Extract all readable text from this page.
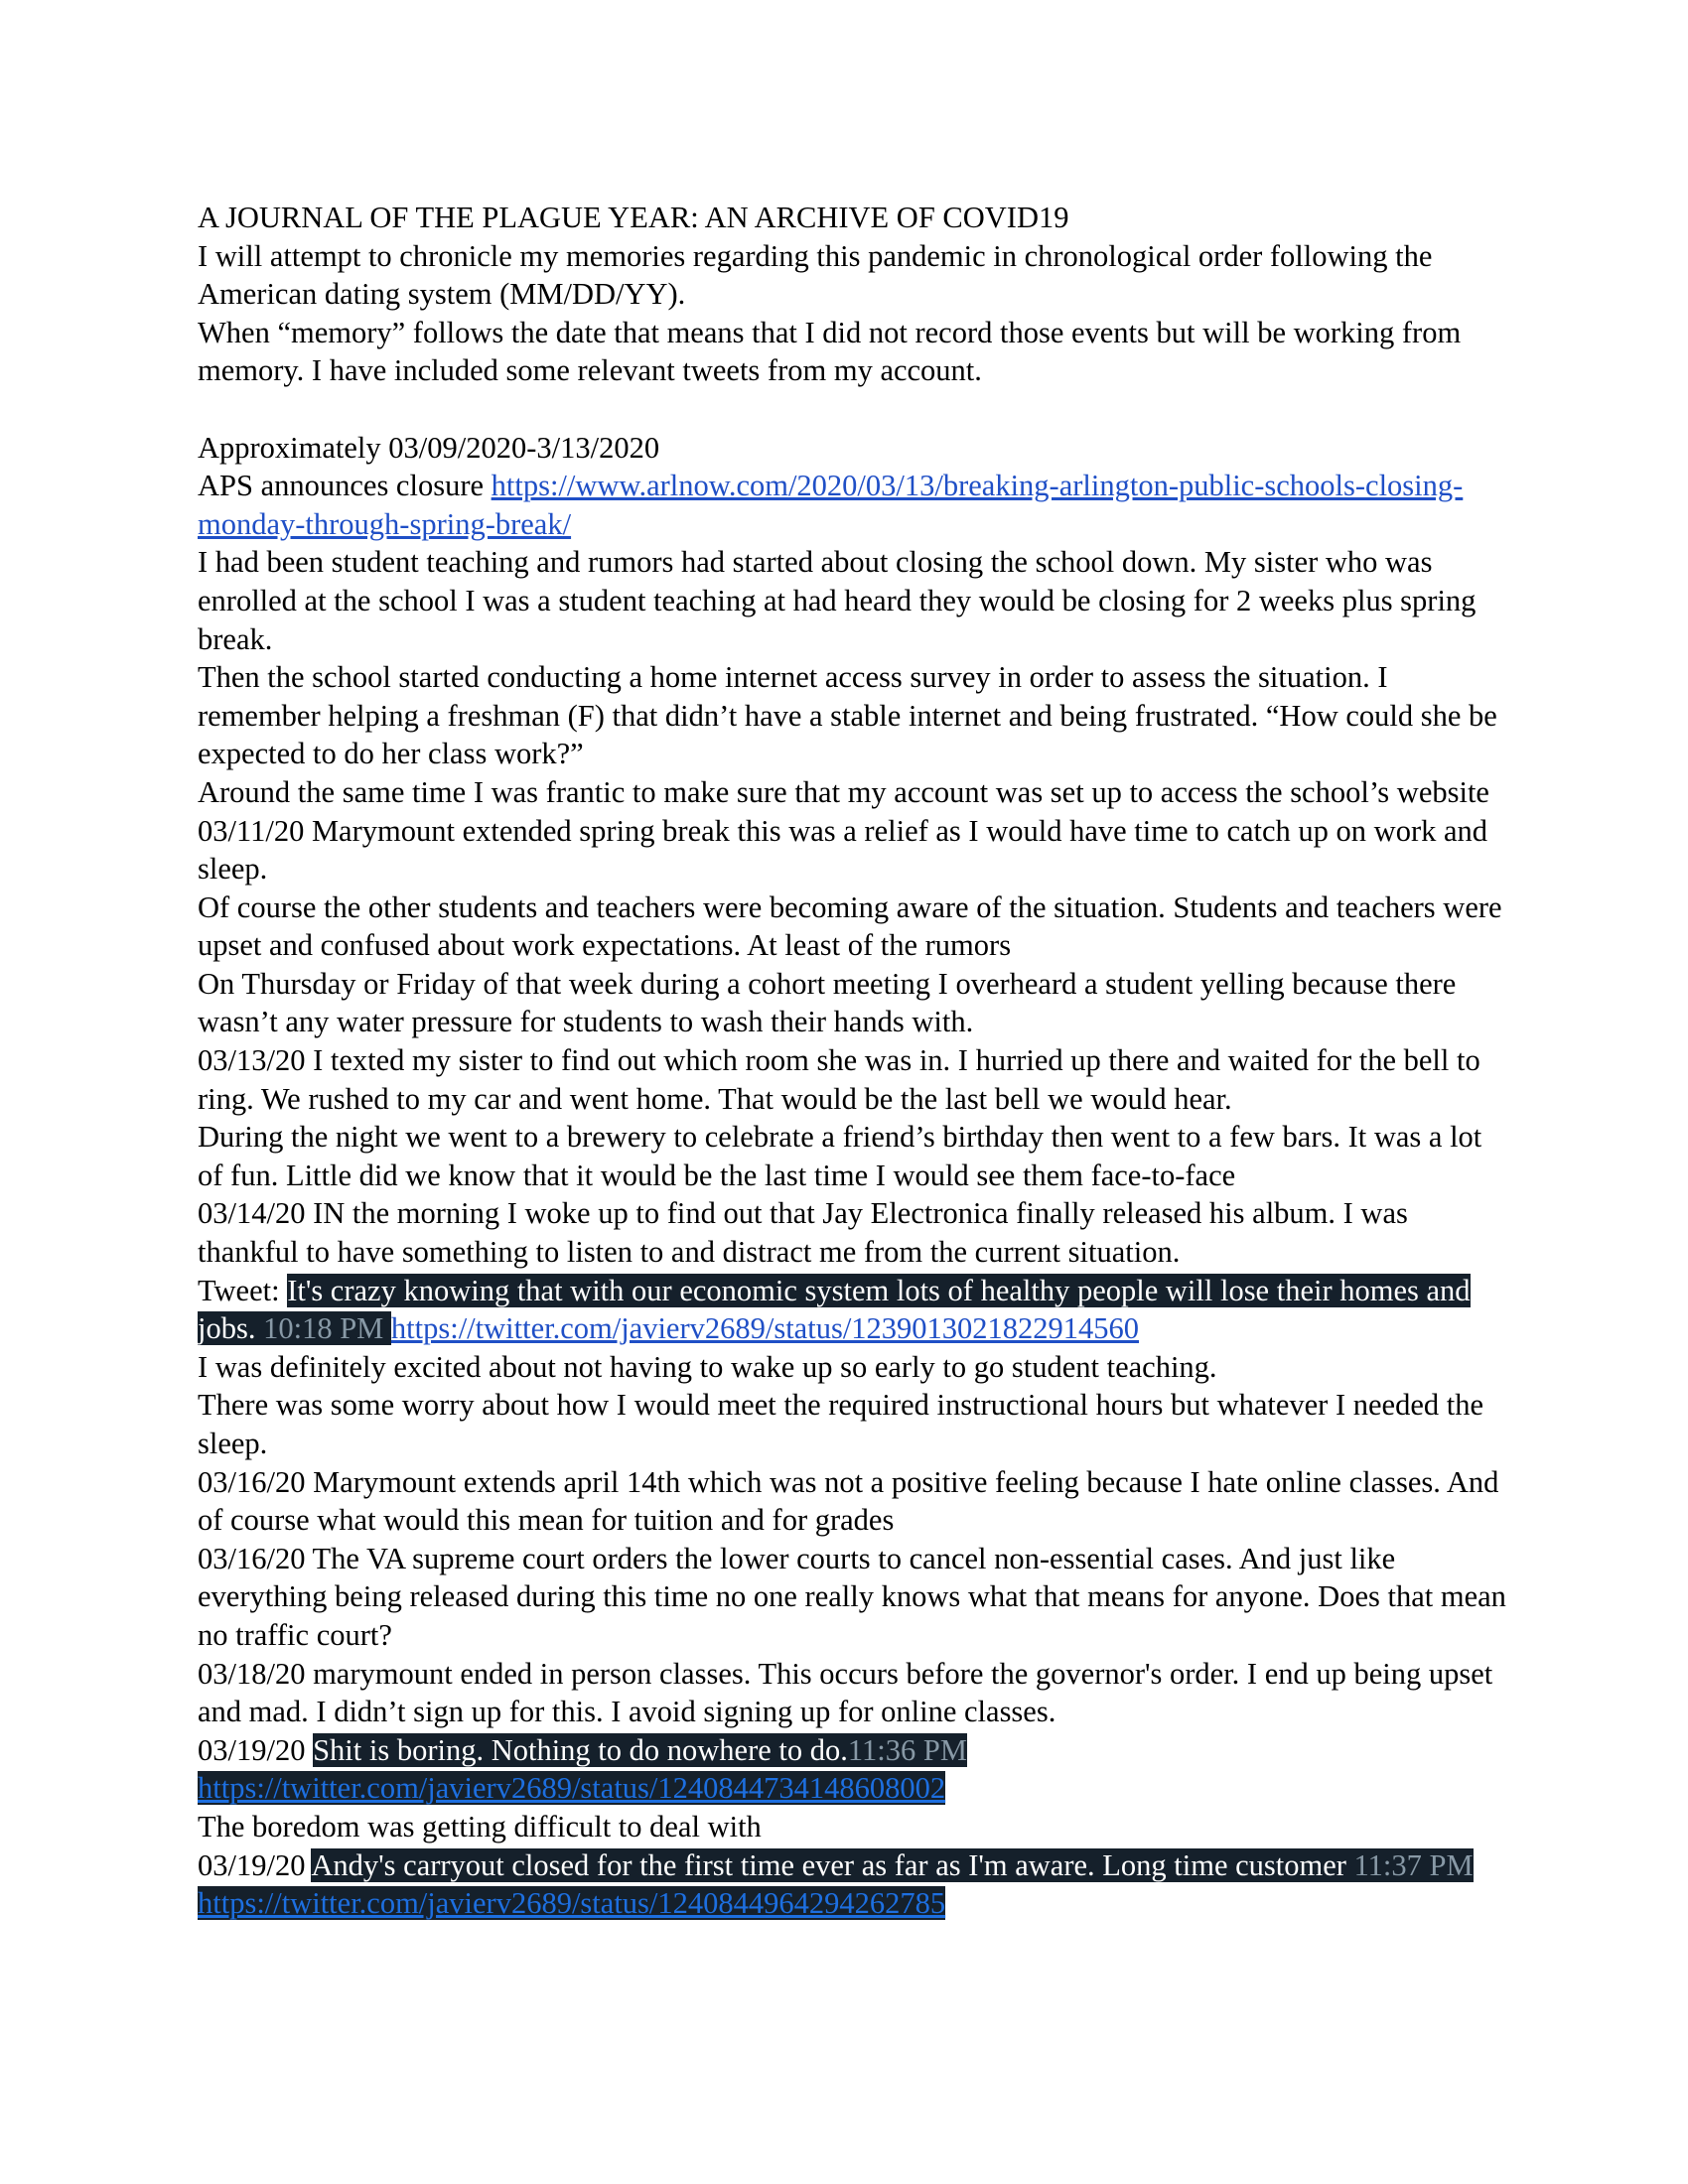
A JOURNAL OF THE PLAGUE YEAR: AN ARCHIVE OF COVID19

I will attempt to chronicle my memories regarding this pandemic in chronological order following the American dating system (MM/DD/YY).

When “memory” follows the date that means that I did not record those events but will be working from memory. I have included some relevant tweets from my account.

Approximately 03/09/2020-3/13/2020

APS announces closure https://www.arlnow.com/2020/03/13/breaking-arlington-public-schools-closing-monday-through-spring-break/

I had been student teaching and rumors had started about closing the school down. My sister who was enrolled at the school I was a student teaching at had heard they would be closing for 2 weeks plus spring break.

Then the school started conducting a home internet access survey in order to assess the situation. I remember helping a freshman (F) that didn’t have a stable internet and being frustrated. “How could she be expected to do her class work?”

Around the same time I was frantic to make sure that my account was set up to access the school’s website

03/11/20 Marymount extended spring break this was a relief as I would have time to catch up on work and sleep.

Of course the other students and teachers were becoming aware of the situation. Students and teachers were upset and confused about work expectations. At least of the rumors

On Thursday or Friday of that week during a cohort meeting I overheard a student yelling because there wasn’t any water pressure for students to wash their hands with.

03/13/20 I texted my sister to find out which room she was in. I hurried up there and waited for the bell to ring. We rushed to my car and went home. That would be the last bell we would hear.

During the night we went to a brewery to celebrate a friend’s birthday then went to a few bars. It was a lot of fun. Little did we know that it would be the last time I would see them face-to-face

03/14/20 IN the morning I woke up to find out that Jay Electronica finally released his album. I was thankful to have something to listen to and distract me from the current situation.

Tweet: It's crazy knowing that with our economic system lots of healthy people will lose their homes and jobs. 10:18 PM https://twitter.com/javierv2689/status/1239013021822914560

I was definitely excited about not having to wake up so early to go student teaching.

There was some worry about how I would meet the required instructional hours but whatever I needed the sleep.

03/16/20 Marymount extends april 14th which was not a positive feeling because I hate online classes. And of course what would this mean for tuition and for grades

03/16/20 The VA supreme court orders the lower courts to cancel non-essential cases. And just like everything being released during this time no one really knows what that means for anyone. Does that mean no traffic court?

03/18/20 marymount ended in person classes. This occurs before the governor's order. I end up being upset and mad. I didn’t sign up for this. I avoid signing up for online classes.

03/19/20 Shit is boring. Nothing to do nowhere to do.11:36 PM https://twitter.com/javierv2689/status/1240844734148608002

The boredom was getting difficult to deal with

03/19/20 Andy's carryout closed for the first time ever as far as I'm aware. Long time customer 11:37 PM https://twitter.com/javierv2689/status/1240844964294262785
